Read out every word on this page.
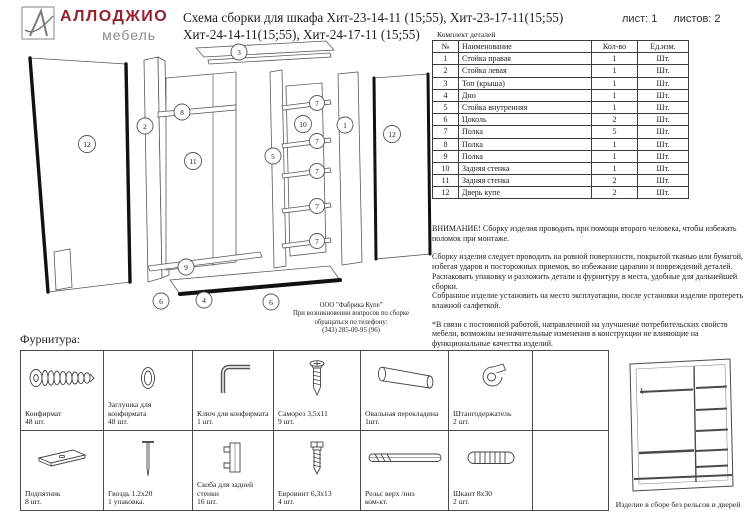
АЛЛОДЖИО
мебель
Схема сборки для шкафа Хит-23-14-11 (15;55), Хит-23-17-11(15;55)
Хит-24-14-11(15;55), Хит-24-17-11 (15;55)
лист: 1 листов: 2
Комплект деталей
№	Наименование	Кол-во	Ед.изм.
1	Стойка правая	1	Шт.
2	Стойка левая	1	Шт.
3	Топ (крыша)	1	Шт.
4	Дно	1	Шт.
5	Стойка внутренняя	1	Шт.
6	Цоколь	2	Шт.
7	Полка	5	Шт.
8	Полка	1	Шт.
9	Полка	1	Шт.
10	Задняя стенка	1	Шт.
11	Задняя стенка	2	Шт.
12	Дверь купе	2	Шт.
12
2
8
11
9
3
5
10
7
7
7
7
7
1
12
6	4	6

ВНИМАНИЕ! Сборку изделия проводить при помощи второго человека, чтобы избежать поломок при монтаже.

Сборку изделия следует проводить на ровной поверхности, покрытой тканью или бумагой, избегая ударов и посторожных приемов, во избежание царапин и повреждений деталей.
Распаковать упаковку и разложить детали и фурнитуру в места, удобные для дальнейшей сборки.
Собранное изделие установить на место эксплуатации, после установки изделие протереть влажной салфеткой.

*В связи с постоянной работой, направленной на улучшение потребительских свойств мебели, возможны незначительные изменения в конструкции не влияющие на функциональные качества изделий.

ООО "Фабрика Купе"
При возникновении вопросов по сборке
обращаться по телефону:
(343) 285-00-95 (96)
Фурнитура:
Конфирмат
48 шт.

Заглушка для конфирмата
48 шт.

Ключ для конфирмата
1 шт.

Саморез 3,5х11
9 шт.

Овальная перекладина
1шт.

Штангодержатель
2 шт.

Подпятник
8 шт.

Гвоздь 1.2х20
1 упаковка.

Скоба для задней стенки
16 шт.

Евровинт 6,3х13
4 шт.

Рельс верх /низ
ком-кт.

Шкант 8х30
2 шт.
		Изделие в сборе без рельсов и дверей
